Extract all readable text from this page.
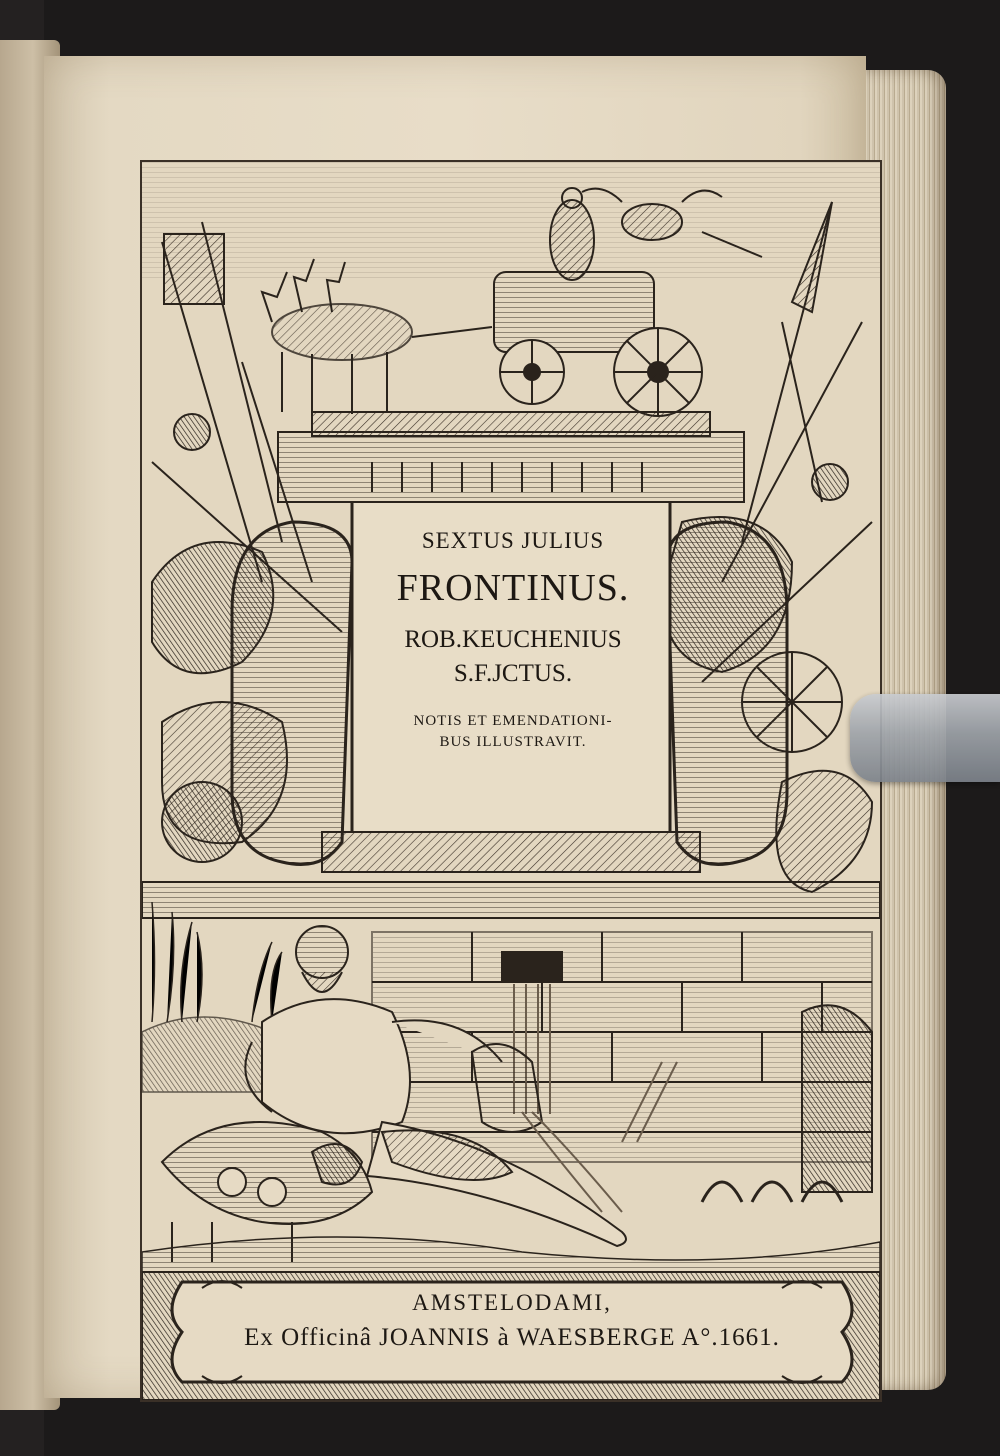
SEXTUS JULIUS
FRONTINUS.
ROB.KEUCHENIUS
S.F.JCTUS.
NOTIS ET EMENDATIONI-
BUS ILLUSTRAVIT.
AMSTELODAMI,
Ex Officinâ JOANNIS à WAESBERGE A°.1661.
